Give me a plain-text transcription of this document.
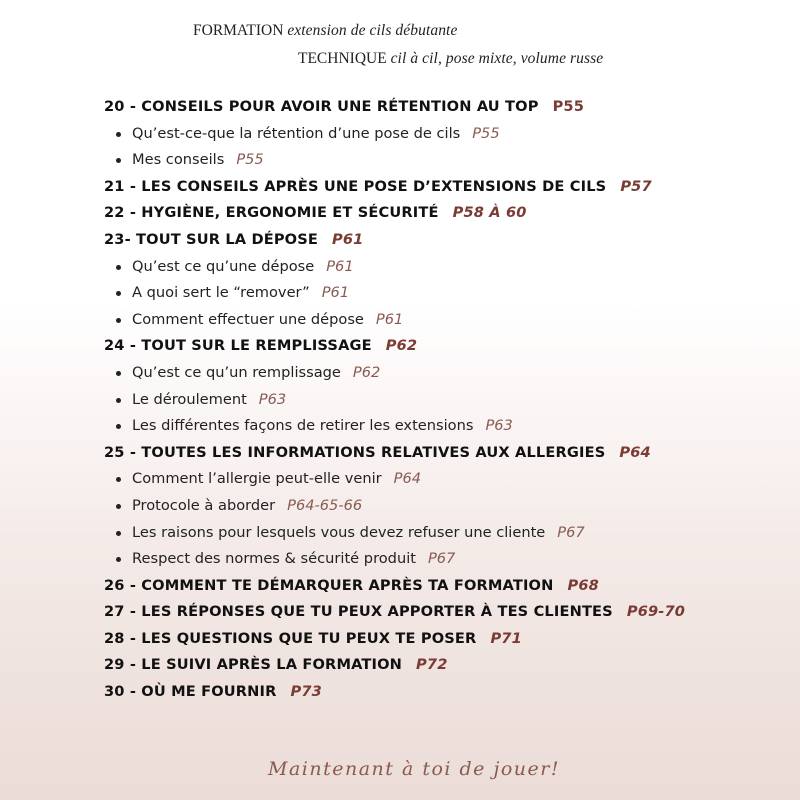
FORMATION extension de cils débutante
TECHNIQUE cil à cil, pose mixte, volume russe
20 - CONSEILS POUR AVOIR UNE RÉTENTION AU TOP P55
Qu’est-ce-que la rétention d’une pose de cils P55
Mes conseils P55
21 - LES CONSEILS APRÈS UNE POSE D’EXTENSIONS DE CILS P57
22 - HYGIÈNE, ERGONOMIE ET SÉCURITÉ P58 À 60
23- TOUT SUR LA DÉPOSE P61
Qu’est ce qu’une dépose P61
A quoi sert le “remover” P61
Comment effectuer une dépose P61
24 - TOUT SUR LE REMPLISSAGE P62
Qu’est ce qu’un remplissage P62
Le déroulement P63
Les différentes façons de retirer les extensions P63
25 - TOUTES LES INFORMATIONS RELATIVES AUX ALLERGIES P64
Comment l’allergie peut-elle venir P64
Protocole à aborder P64-65-66
Les raisons pour lesquels vous devez refuser une cliente P67
Respect des normes & sécurité produit P67
26 - COMMENT TE DÉMARQUER APRÈS TA FORMATION P68
27 - LES RÉPONSES QUE TU PEUX APPORTER À TES CLIENTES P69-70
28 - LES QUESTIONS QUE TU PEUX TE POSER P71
29 - LE SUIVI APRÈS LA FORMATION P72
30 - OÙ ME FOURNIR P73
Maintenant à toi de jouer!
